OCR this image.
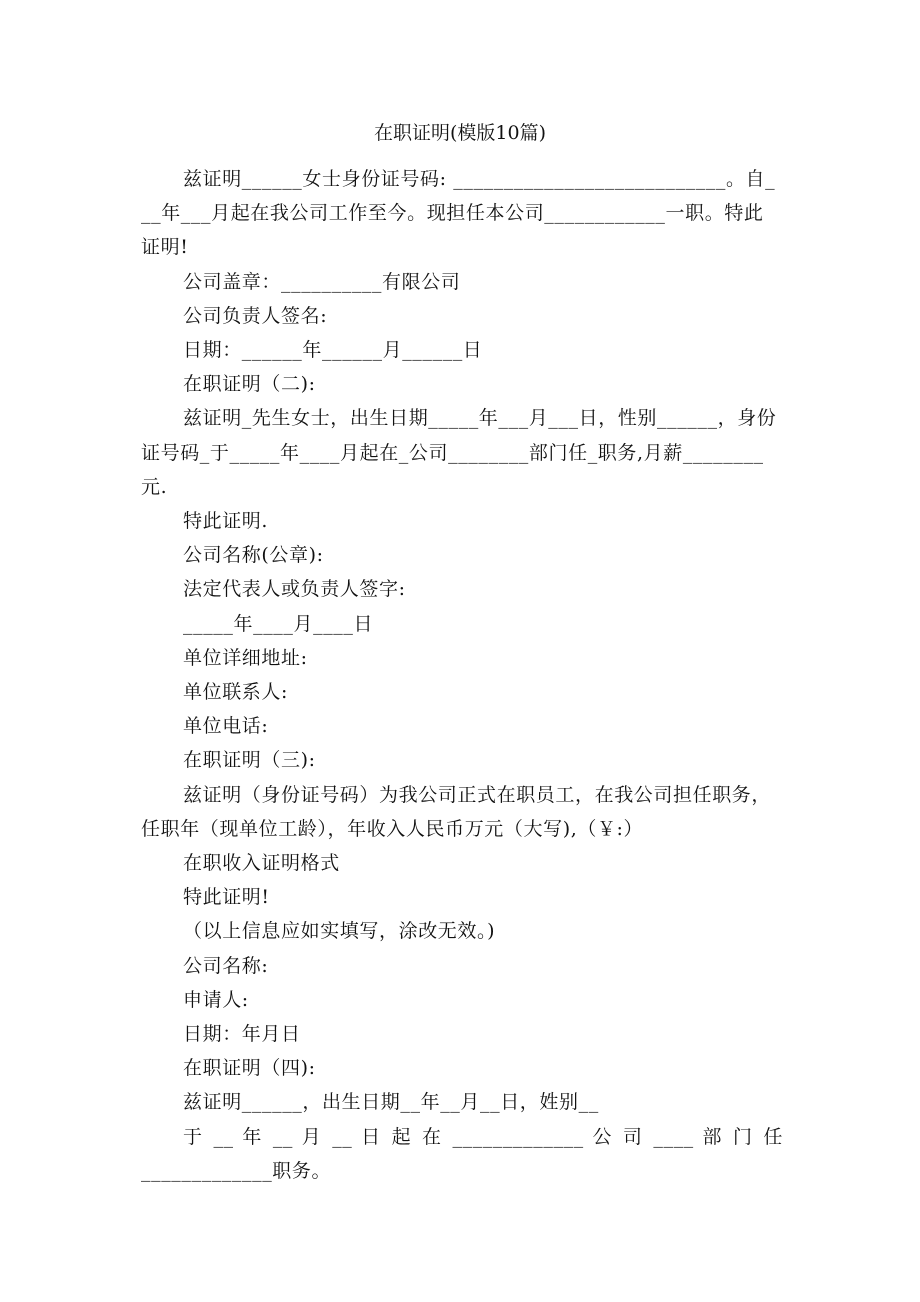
在职证明(模版10篇)

兹证明______女士身份证号码: ___________________________。自___年___月起在我公司工作至今。现担任本公司____________一职。特此证明!

公司盖章：__________有限公司

公司负责人签名:

日期：______年______月______日

在职证明（二):

兹证明_先生女士，出生日期_____年___月___日，性别______，身份证号码_于_____年____月起在_公司________部门任_职务,月薪________元.

特此证明.

公司名称(公章):

法定代表人或负责人签字:

_____年____月____日

单位详细地址:

单位联系人:

单位电话:

在职证明（三):

兹证明（身份证号码）为我公司正式在职员工，在我公司担任职务，任职年（现单位工龄），年收入人民币万元（大写),（￥:）

在职收入证明格式

特此证明!

（以上信息应如实填写，涂改无效。)

公司名称:

申请人:

日期：年月日

在职证明（四):

兹证明______，出生日期__年__月__日，姓别__

于 __ 年 __ 月 __ 日 起 在 _____________ 公 司 ____ 部 门 任

_____________职务。
